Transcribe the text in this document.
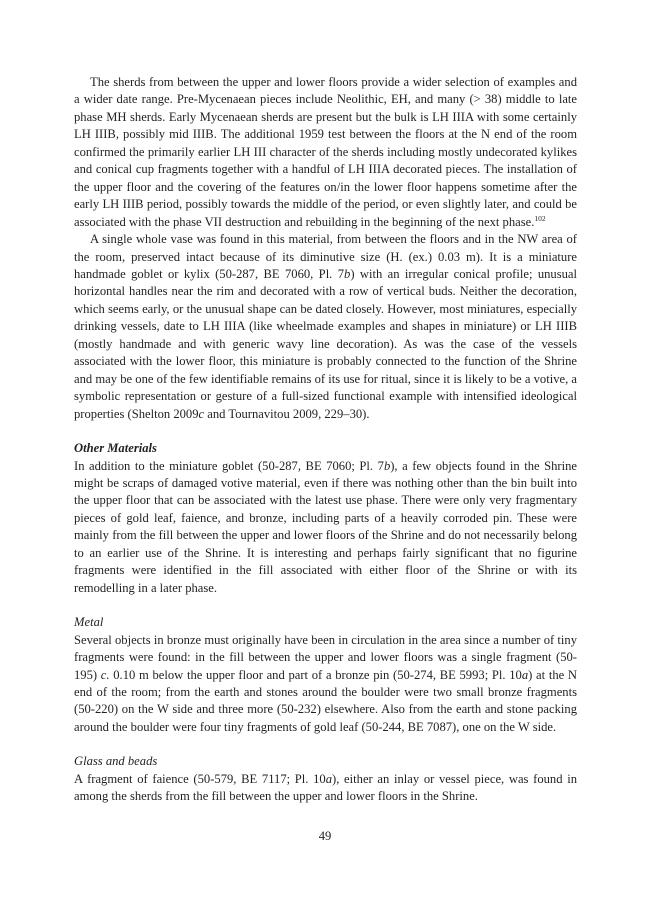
The sherds from between the upper and lower floors provide a wider selection of examples and a wider date range. Pre-Mycenaean pieces include Neolithic, EH, and many (> 38) middle to late phase MH sherds. Early Mycenaean sherds are present but the bulk is LH IIIA with some certainly LH IIIB, possibly mid IIIB. The additional 1959 test between the floors at the N end of the room confirmed the primarily earlier LH III character of the sherds including mostly undecorated kylikes and conical cup fragments together with a handful of LH IIIA decorated pieces. The installation of the upper floor and the covering of the features on/in the lower floor happens sometime after the early LH IIIB period, possibly towards the middle of the period, or even slightly later, and could be associated with the phase VII destruction and rebuilding in the beginning of the next phase.$^{102}$

A single whole vase was found in this material, from between the floors and in the NW area of the room, preserved intact because of its diminutive size (H. (ex.) 0.03 m). It is a miniature handmade goblet or kylix (50-287, BE 7060, Pl. 7b) with an irregular conical profile; unusual horizontal handles near the rim and decorated with a row of vertical buds. Neither the decoration, which seems early, or the unusual shape can be dated closely. However, most miniatures, especially drinking vessels, date to LH IIIA (like wheelmade examples and shapes in miniature) or LH IIIB (mostly handmade and with generic wavy line decoration). As was the case of the vessels associated with the lower floor, this miniature is probably connected to the function of the Shrine and may be one of the few identifiable remains of its use for ritual, since it is likely to be a votive, a symbolic representation or gesture of a full-sized functional example with intensified ideological properties (Shelton 2009c and Tournavitou 2009, 229–30).

Other Materials

In addition to the miniature goblet (50-287, BE 7060; Pl. 7b), a few objects found in the Shrine might be scraps of damaged votive material, even if there was nothing other than the bin built into the upper floor that can be associated with the latest use phase. There were only very fragmentary pieces of gold leaf, faience, and bronze, including parts of a heavily corroded pin. These were mainly from the fill between the upper and lower floors of the Shrine and do not necessarily belong to an earlier use of the Shrine. It is interesting and perhaps fairly significant that no figurine fragments were identified in the fill associated with either floor of the Shrine or with its remodelling in a later phase.

Metal

Several objects in bronze must originally have been in circulation in the area since a number of tiny fragments were found: in the fill between the upper and lower floors was a single fragment (50-195) c. 0.10 m below the upper floor and part of a bronze pin (50-274, BE 5993; Pl. 10a) at the N end of the room; from the earth and stones around the boulder were two small bronze fragments (50-220) on the W side and three more (50-232) elsewhere. Also from the earth and stone packing around the boulder were four tiny fragments of gold leaf (50-244, BE 7087), one on the W side.

Glass and beads

A fragment of faience (50-579, BE 7117; Pl. 10a), either an inlay or vessel piece, was found in among the sherds from the fill between the upper and lower floors in the Shrine.

49
